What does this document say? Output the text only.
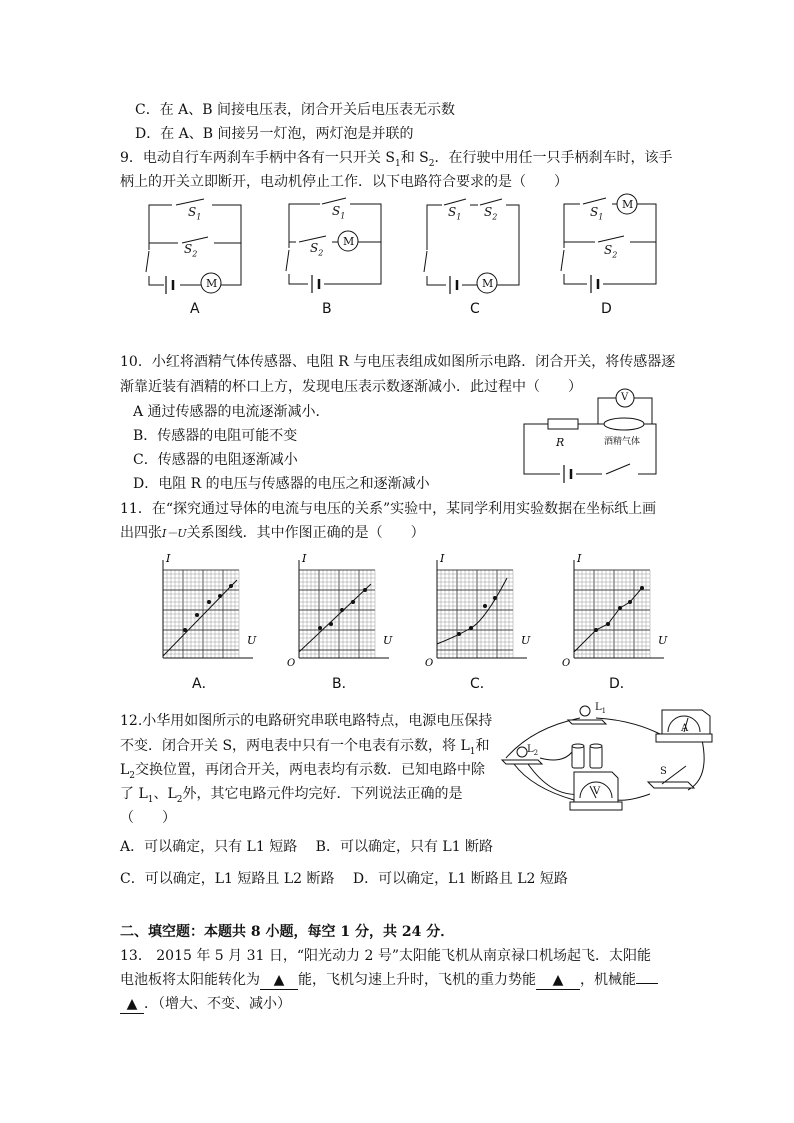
C．在 A、B 间接电压表，闭合开关后电压表无示数
D．在 A、B 间接另一灯泡，两灯泡是并联的
9．电动自行车两刹车手柄中各有一只开关 $S_1$和 $S_2$．在行驶中用任一只手柄刹车时，该手
柄上的开关立即断开，电动机停止工作．以下电路符合要求的是（　　）
$S_1$
$S_2$
M
$S_1$
$S_2$
M
$S_1$ $S_2$
M
$S_1$
M
$S_2$
A	B	C	D
10．小红将酒精气体传感器、电阻 R 与电压表组成如图所示电路．闭合开关，将传感器逐
渐靠近装有酒精的杯口上方，发现电压表示数逐渐减小．此过程中（　　）
A 通过传感器的电流逐渐减小．
B．传感器的电阻可能不变
C．传感器的电阻逐渐减小
D．电阻 R 的电压与传感器的电压之和逐渐减小
R	酒精气体
V
11．在“探究通过导体的电流与电压的关系”实验中，某同学利用实验数据在坐标纸上画
出四张I－U关系图线．其中作图正确的是（　　）
I
U
I
U
O
I
U
O
I
U
O
A．	B．	C．	D．
12.小华用如图所示的电路研究串联电路特点，电源电压保持
不变．闭合开关 S，两电表中只有一个电表有示数，将 $L_1$和
$L_2$交换位置，再闭合开关，两电表均有示数．已知电路中除
了 $L_1$、$L_2$外，其它电路元件均完好．下列说法正确的是
（　　）
A．可以确定，只有 L1 短路　 B．可以确定，只有 L1 断路
C．可以确定，L1 短路且 L2 断路　 D．可以确定，L1 断路且 L2 短路
$L_1$
$L_2$
A
V
S
二、填空题：本题共 8 小题，每空 1 分，共 24 分．
13． 2015 年 5 月 31 日，“阳光动力 2 号”太阳能飞机从南京禄口机场起飞．太阳能
电池板将太阳能转化为 ▲ 能，飞机匀速上升时，飞机的重力势能 ▲ ，机械能
▲ ．（增大、不变、减小）
